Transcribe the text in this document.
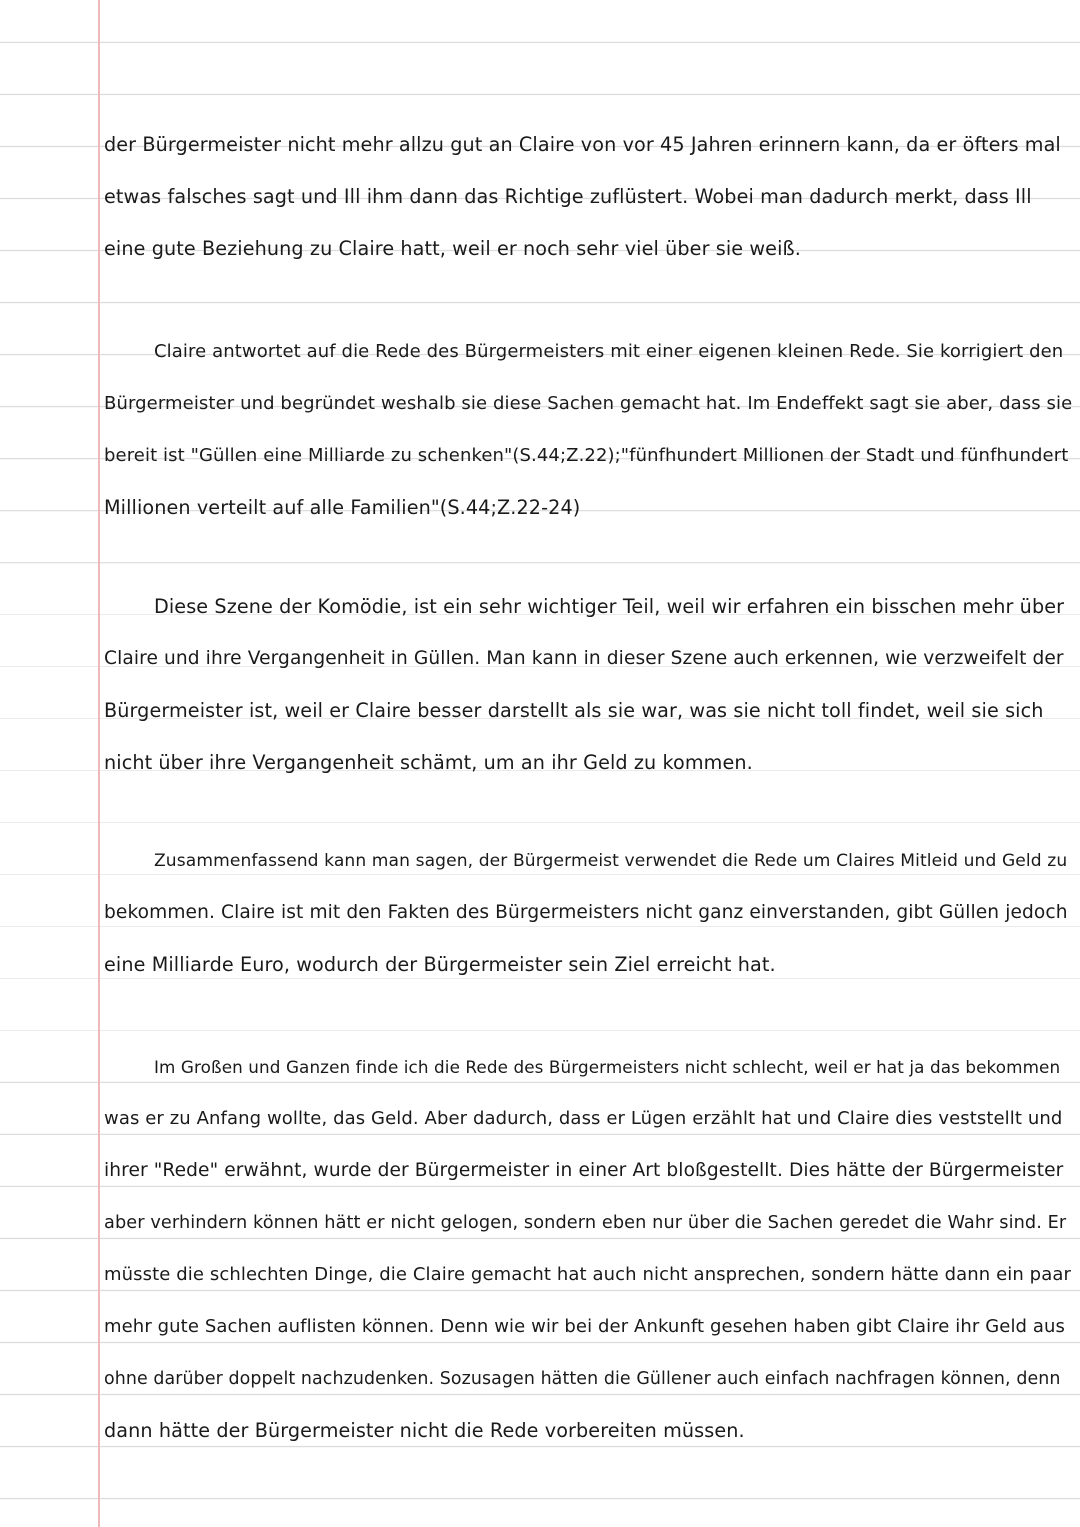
der Bürgermeister nicht mehr allzu gut an Claire von vor 45 Jahren erinnern kann, da er öfters mal
etwas falsches sagt und Ill ihm dann das Richtige zuflüstert. Wobei man dadurch merkt, dass Ill
eine gute Beziehung zu Claire hatt, weil er noch sehr viel über sie weiß.
Claire antwortet auf die Rede des Bürgermeisters mit einer eigenen kleinen Rede. Sie korrigiert den
Bürgermeister und begründet weshalb sie diese Sachen gemacht hat. Im Endeffekt sagt sie aber, dass sie
bereit ist "Güllen eine Milliarde zu schenken"(S.44;Z.22);"fünfhundert Millionen der Stadt und fünfhundert
Millionen verteilt auf alle Familien"(S.44;Z.22-24)
Diese Szene der Komödie, ist ein sehr wichtiger Teil, weil wir erfahren ein bisschen mehr über
Claire und ihre Vergangenheit in Güllen. Man kann in dieser Szene auch erkennen, wie verzweifelt der
Bürgermeister ist, weil er Claire besser darstellt als sie war, was sie nicht toll findet, weil sie sich
nicht über ihre Vergangenheit schämt, um an ihr Geld zu kommen.
Zusammenfassend kann man sagen, der Bürgermeist verwendet die Rede um Claires Mitleid und Geld zu
bekommen. Claire ist mit den Fakten des Bürgermeisters nicht ganz einverstanden, gibt Güllen jedoch
eine Milliarde Euro, wodurch der Bürgermeister sein Ziel erreicht hat.
Im Großen und Ganzen finde ich die Rede des Bürgermeisters nicht schlecht, weil er hat ja das bekommen
was er zu Anfang wollte, das Geld. Aber dadurch, dass er Lügen erzählt hat und Claire dies veststellt und
ihrer "Rede" erwähnt, wurde der Bürgermeister in einer Art bloßgestellt. Dies hätte der Bürgermeister
aber verhindern können hätt er nicht gelogen, sondern eben nur über die Sachen geredet die Wahr sind. Er
müsste die schlechten Dinge, die Claire gemacht hat auch nicht ansprechen, sondern hätte dann ein paar
mehr gute Sachen auflisten können. Denn wie wir bei der Ankunft gesehen haben gibt Claire ihr Geld aus
ohne darüber doppelt nachzudenken. Sozusagen hätten die Güllener auch einfach nachfragen können, denn
dann hätte der Bürgermeister nicht die Rede vorbereiten müssen.
